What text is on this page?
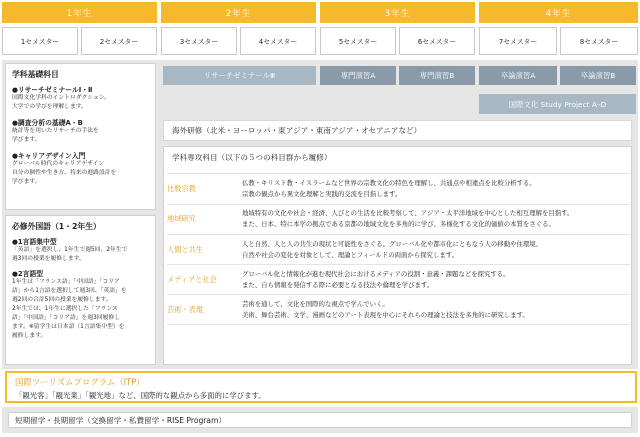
1年生	2年生	3年生	4年生
1セメスター	2セメスター	3セメスター	4セメスター	5セメスター	6セメスター	7セメスター	8セメスター
学科基礎科目
●リサーチゼミナールⅠ・Ⅱ
国際文化学科のイントロダクション。
大学での学びを理解します。
●調査分析の基礎A・B
統計等を用いたリサーチの手法を
学びます。
●キャリアデザイン入門
グローバル時代のキャリアデザイン
自分の個性や生き方、将来の進路設計を
学びます。
必修外国語（1・2年生）
●1言語集中型
「英語」を選択し、1年生で週5回、2年生で
週3回の授業を履修します。
●2言語型
1年生は「フランス語」「中国語」「コリア
語」から1言語を選択して週3回、「英語」を
週2回の合計5回の授業を履修します。
2年生では、1年生に選択した「フランス
語」「中国語」「コリア語」を週3回履修し
ます。※留学生は日本語（1言語集中型）を
履修します。
リサーチゼミナールⅢ	専門演習A	専門演習B	卒論演習A	卒論演習B
国際文化 Study Project A–D
海外研修（北米・ヨーロッパ・東アジア・東南アジア・オセアニアなど）
学科専攻科目（以下の５つの科目群から履修）
比較宗教
仏教・キリスト教・イスラームなど世界の宗教文化の特色を理解し、共通点や相違点を比較分析する。
宗教の観点から異文化理解と実践的交流を目指します。
地域研究
地域特有の文化や社会・経済、人びとの生活を比較考察して、アジア・太平洋地域を中心とした相互理解を目指す。
また、日本、特に本学の拠点である京都の地域文化を多角的に学び、多様化する文化的価値の本質をさぐる。
人間と共生
人と自然、人と人の共生の現状と可能性をさぐる。グローバル化や都市化にともなう人の移動や住環境、
自然や社会の変化を対象として、理論とフィールドの両面から探究します。
メディアと社会
グローバル化と情報化が進む現代社会におけるメディアの役割・意義・課題などを探究する。
また、自ら情報を発信する際に必要となる技法や倫理を学びます。
芸術・表現
芸術を通して、文化を国際的な視点で学んでいく。
美術、舞台芸術、文学、漫画などのアート表現を中心にそれらの理論と技法を多角的に研究します。
国際ツーリズムプログラム（ITP）
「観光客」「観光業」「観光地」など、国際的な観点から多面的に学びます。
短期留学・長期留学（交換留学・私費留学・RISE Program）
